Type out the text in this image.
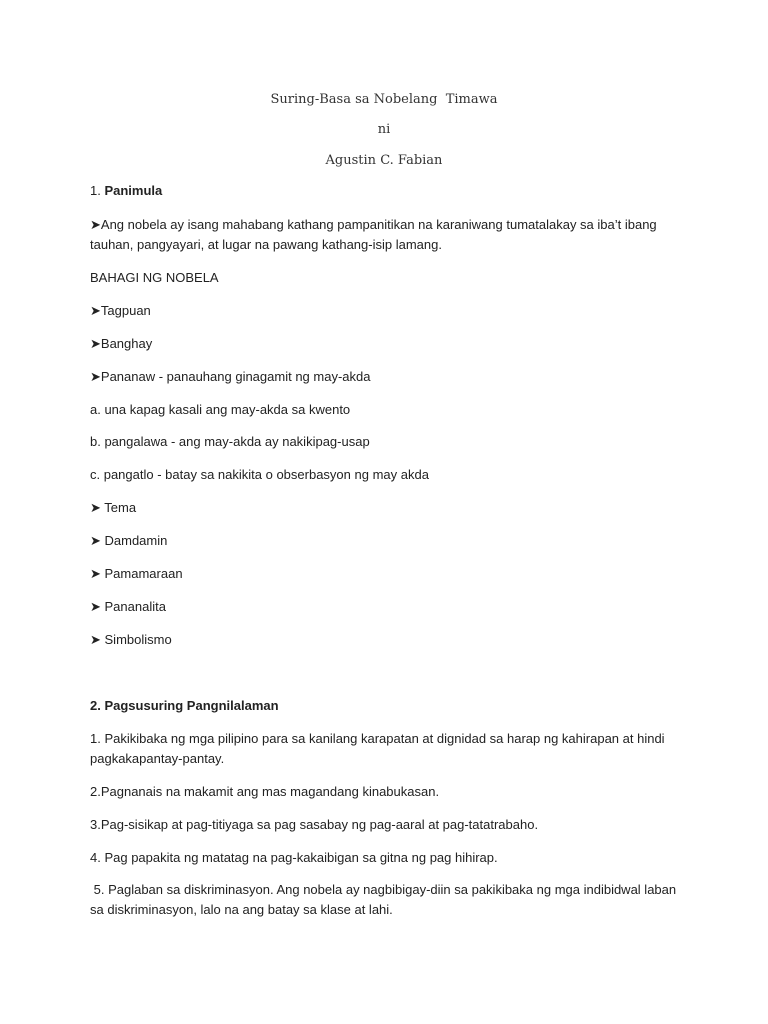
Suring-Basa sa Nobelang  Timawa
ni
Agustin C. Fabian
1. Panimula
➤Ang nobela ay isang mahabang kathang pampanitikan na karaniwang tumatalakay sa iba’t ibang tauhan, pangyayari, at lugar na pawang kathang-isip lamang.
BAHAGI NG NOBELA
➤Tagpuan
➤Banghay
➤Pananaw - panauhang ginagamit ng may-akda
a. una kapag kasali ang may-akda sa kwento
b. pangalawa - ang may-akda ay nakikipag-usap
c. pangatlo - batay sa nakikita o obserbasyon ng may akda
➤ Tema
➤ Damdamin
➤ Pamamaraan
➤ Pananalita
➤ Simbolismo
2. Pagsusuring Pangnilalaman
1. Pakikibaka ng mga pilipino para sa kanilang karapatan at dignidad sa harap ng kahirapan at hindi pagkakapantay-pantay.
2.Pagnanais na makamit ang mas magandang kinabukasan.
3.Pag-sisikap at pag-titiyaga sa pag sasabay ng pag-aaral at pag-tatatrabaho.
4. Pag papakita ng matatag na pag-kakaibigan sa gitna ng pag hihirap.
5. Paglaban sa diskriminasyon. Ang nobela ay nagbibigay-diin sa pakikibaka ng mga indibidwal laban sa diskriminasyon, lalo na ang batay sa klase at lahi.
